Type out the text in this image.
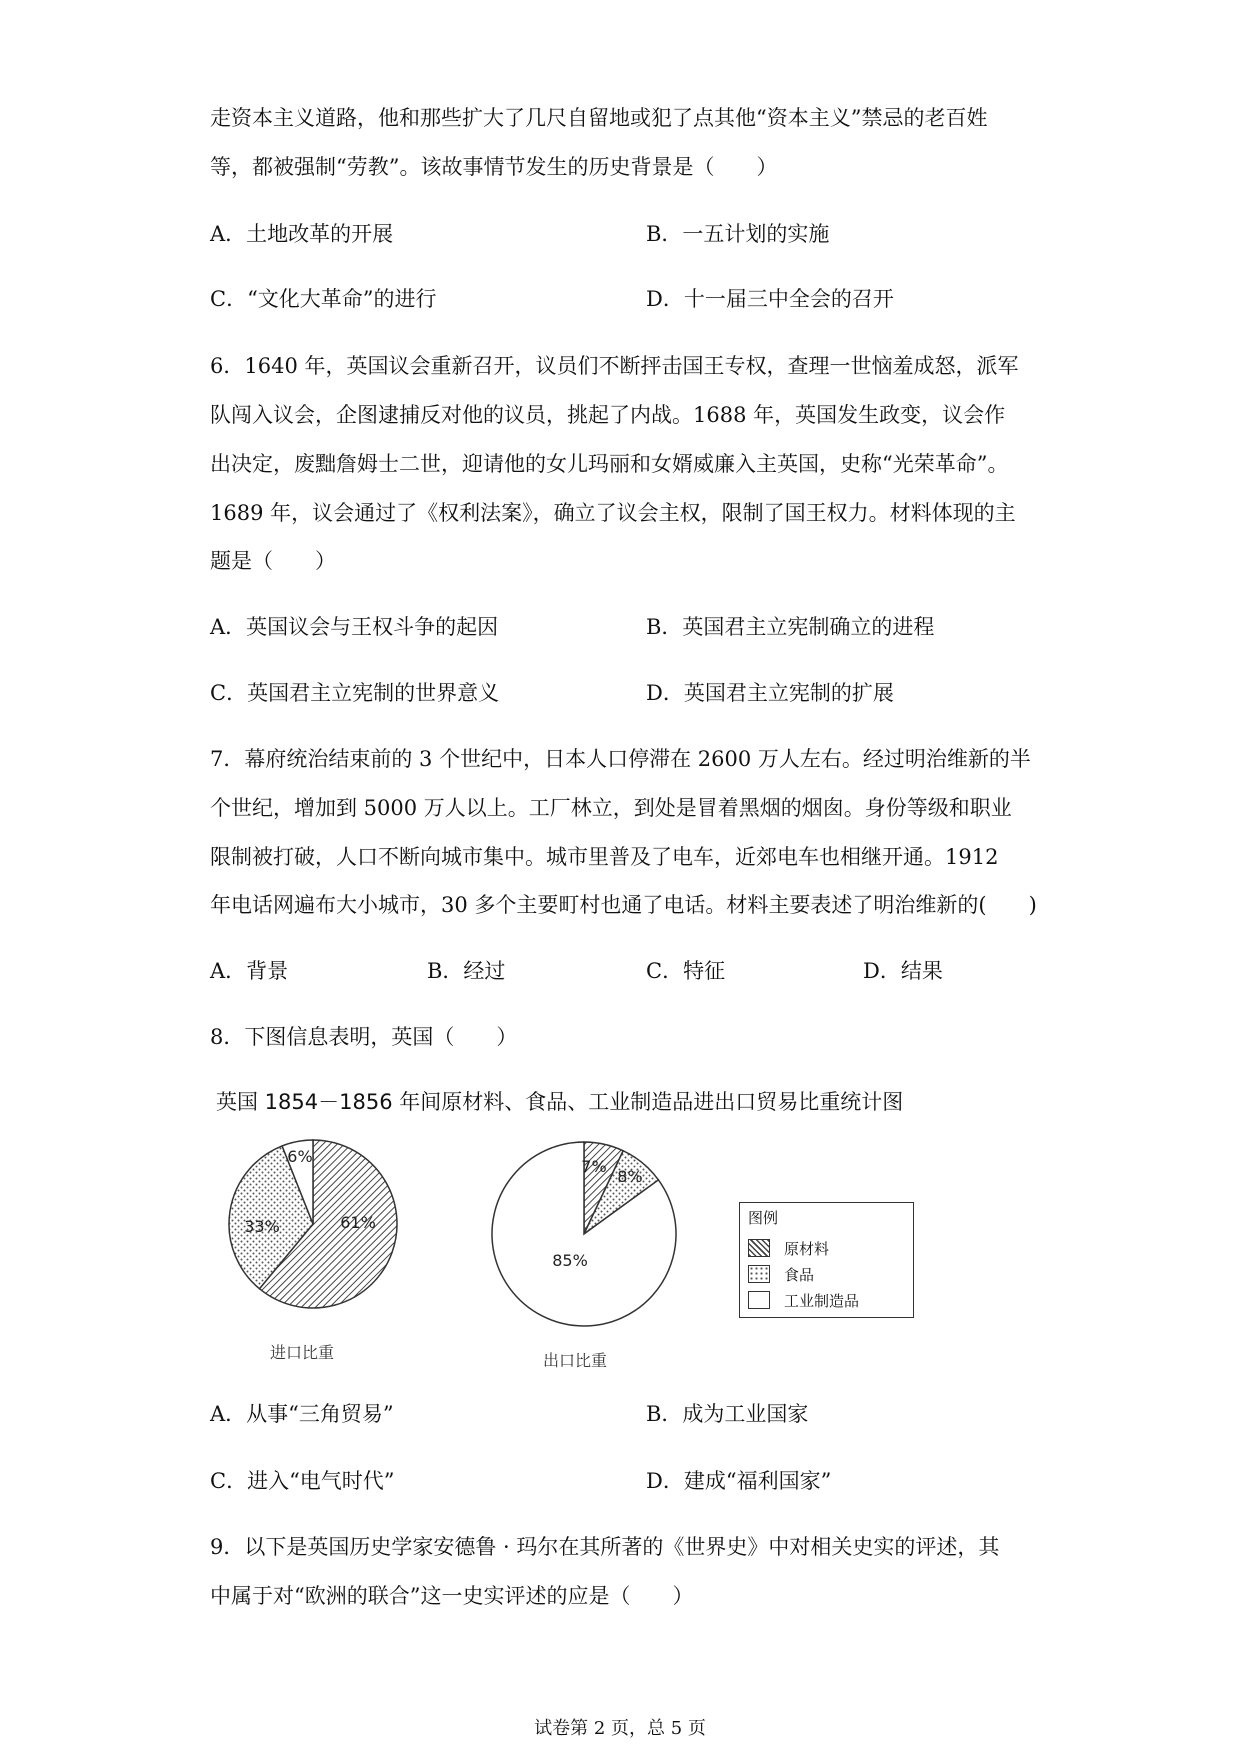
走资本主义道路，他和那些扩大了几尺自留地或犯了点其他“资本主义”禁忌的老百姓
等，都被强制“劳教”。该故事情节发生的历史背景是（　　）
A．土地改革的开展	B．一五计划的实施
C．“文化大革命”的进行	D．十一届三中全会的召开
6．1640 年，英国议会重新召开，议员们不断抨击国王专权，查理一世恼羞成怒，派军
队闯入议会，企图逮捕反对他的议员，挑起了内战。1688 年，英国发生政变，议会作
出决定，废黜詹姆士二世，迎请他的女儿玛丽和女婿威廉入主英国，史称“光荣革命”。
1689 年，议会通过了《权利法案》，确立了议会主权，限制了国王权力。材料体现的主
题是（　　）
A．英国议会与王权斗争的起因	B．英国君主立宪制确立的进程
C．英国君主立宪制的世界意义	D．英国君主立宪制的扩展
7．幕府统治结束前的 3 个世纪中，日本人口停滞在 2600 万人左右。经过明治维新的半
个世纪，增加到 5000 万人以上。工厂林立，到处是冒着黑烟的烟囱。身份等级和职业
限制被打破，人口不断向城市集中。城市里普及了电车，近郊电车也相继开通。1912
年电话网遍布大小城市，30 多个主要町村也通了电话。材料主要表述了明治维新的(　　)
A．背景	B．经过	C．特征	D．结果
8．下图信息表明，英国（　　）
英国 1854－1856 年间原材料、食品、工业制造品进出口贸易比重统计图
61%
33%
6%
7%
8%
85%
进口比重	出口比重
图例
原材料
食品
工业制造品
A．从事“三角贸易”	B．成为工业国家
C．进入“电气时代”	D．建成“福利国家”
9．以下是英国历史学家安德鲁 · 玛尔在其所著的《世界史》中对相关史实的评述，其
中属于对“欧洲的联合”这一史实评述的应是（　　）
试卷第 2 页，总 5 页
